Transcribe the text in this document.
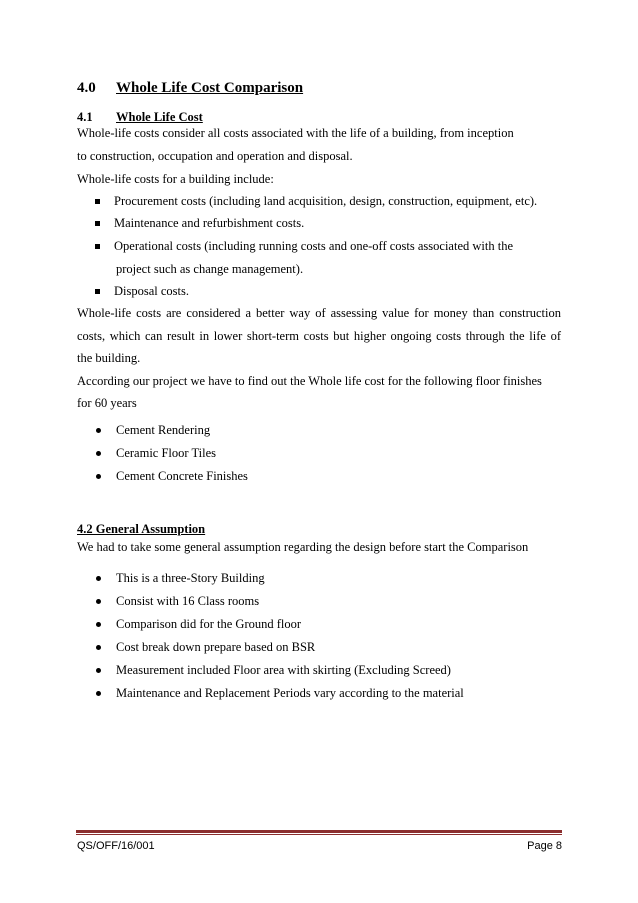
4.0 Whole Life Cost Comparison
4.1 Whole Life Cost
Whole-life costs consider all costs associated with the life of a building, from inception
to construction, occupation and operation and disposal.
Whole-life costs for a building include:
Procurement costs (including land acquisition, design, construction, equipment, etc).
Maintenance and refurbishment costs.
Operational costs (including running costs and one-off costs associated with the
project such as change management).
Disposal costs.
Whole-life costs are considered a better way of assessing value for money than construction
costs, which can result in lower short-term costs but higher ongoing costs through the life of
the building.
According our project we have to find out the Whole life cost for the following floor finishes
for 60 years
Cement Rendering
Ceramic Floor Tiles
Cement Concrete Finishes
4.2 General Assumption
We had to take some general assumption regarding the design before start the Comparison
This is a three-Story Building
Consist with 16 Class rooms
Comparison did for the Ground floor
Cost break down prepare based on BSR
Measurement included Floor area with skirting (Excluding Screed)
Maintenance and Replacement Periods vary according to the material
QS/OFF/16/001	Page 8
